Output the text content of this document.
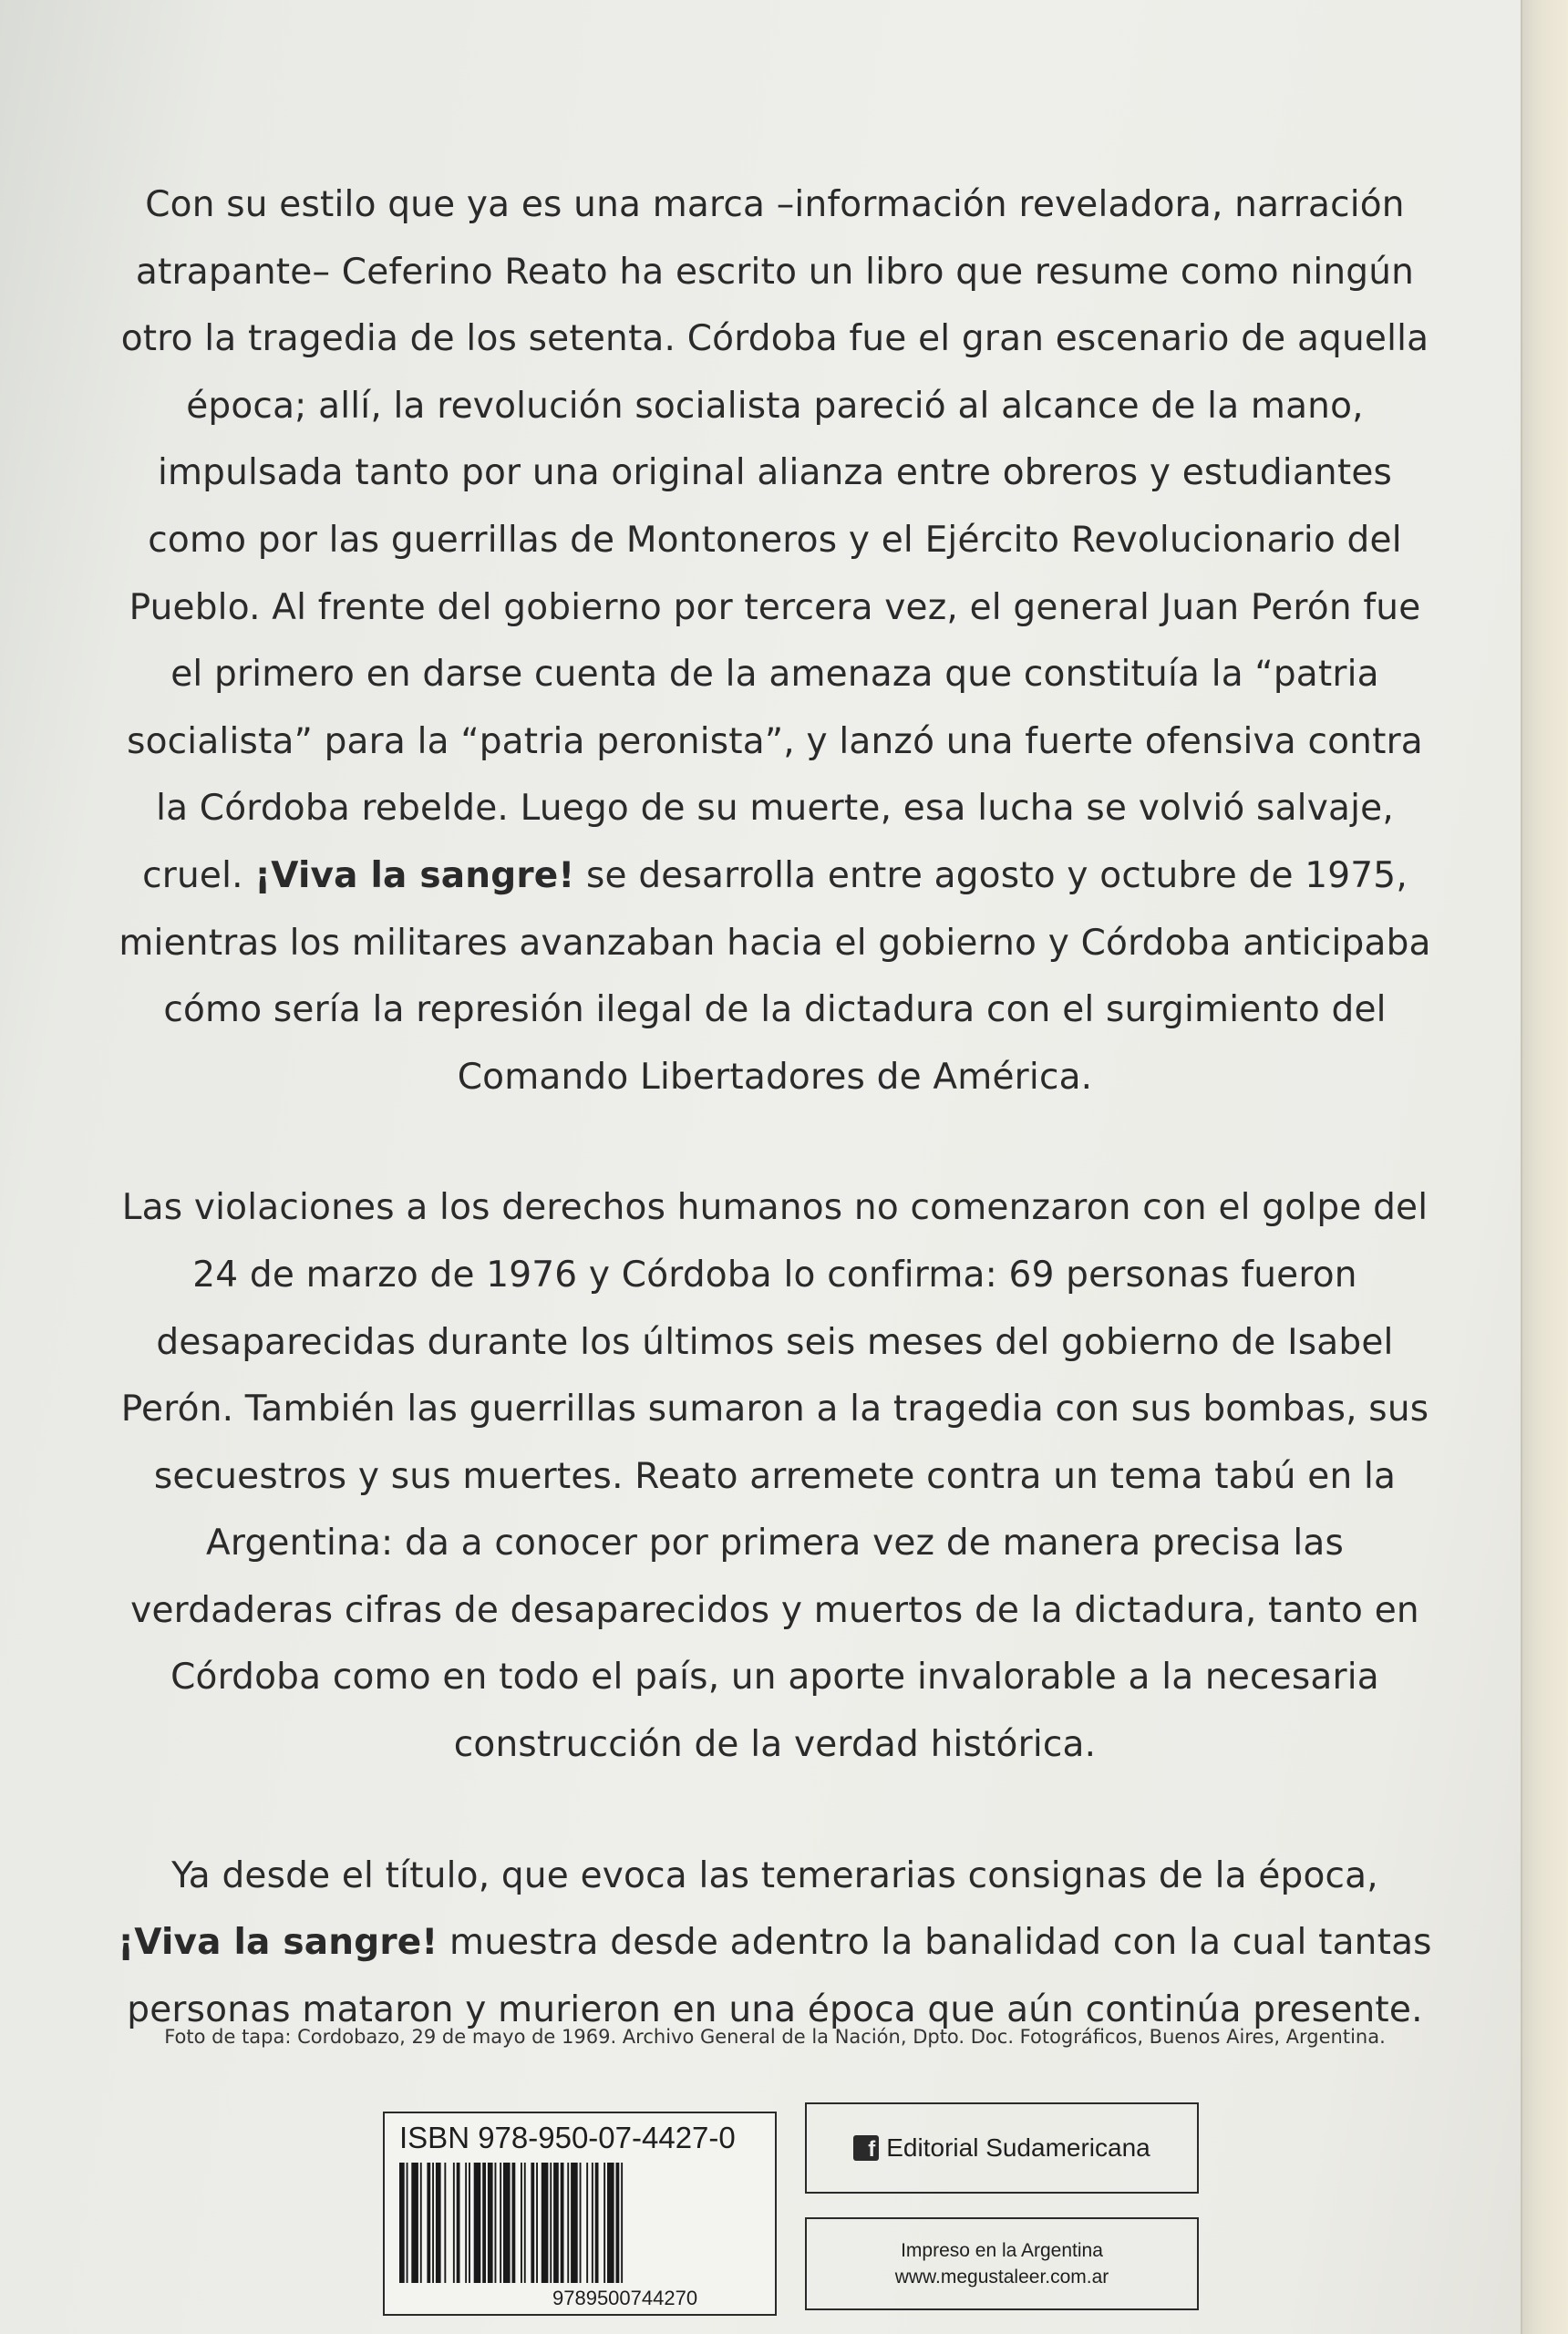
Con su estilo que ya es una marca –información reveladora, narración
atrapante– Ceferino Reato ha escrito un libro que resume como ningún
otro la tragedia de los setenta. Córdoba fue el gran escenario de aquella
época; allí, la revolución socialista pareció al alcance de la mano,
impulsada tanto por una original alianza entre obreros y estudiantes
como por las guerrillas de Montoneros y el Ejército Revolucionario del
Pueblo. Al frente del gobierno por tercera vez, el general Juan Perón fue
el primero en darse cuenta de la amenaza que constituía la “patria
socialista” para la “patria peronista”, y lanzó una fuerte ofensiva contra
la Córdoba rebelde. Luego de su muerte, esa lucha se volvió salvaje,
cruel. ¡Viva la sangre! se desarrolla entre agosto y octubre de 1975,
mientras los militares avanzaban hacia el gobierno y Córdoba anticipaba
cómo sería la represión ilegal de la dictadura con el surgimiento del
Comando Libertadores de América.

Las violaciones a los derechos humanos no comenzaron con el golpe del
24 de marzo de 1976 y Córdoba lo confirma: 69 personas fueron
desaparecidas durante los últimos seis meses del gobierno de Isabel
Perón. También las guerrillas sumaron a la tragedia con sus bombas, sus
secuestros y sus muertes. Reato arremete contra un tema tabú en la
Argentina: da a conocer por primera vez de manera precisa las
verdaderas cifras de desaparecidos y muertos de la dictadura, tanto en
Córdoba como en todo el país, un aporte invalorable a la necesaria
construcción de la verdad histórica.

Ya desde el título, que evoca las temerarias consignas de la época,
¡Viva la sangre! muestra desde adentro la banalidad con la cual tantas
personas mataron y murieron en una época que aún continúa presente.

Foto de tapa: Cordobazo, 29 de mayo de 1969. Archivo General de la Nación, Dpto. Doc. Fotográficos, Buenos Aires, Argentina.
ISBN 978-950-07-4427-0
9789500744270
f Editorial Sudamericana
Impreso en la Argentina
www.megustaleer.com.ar
